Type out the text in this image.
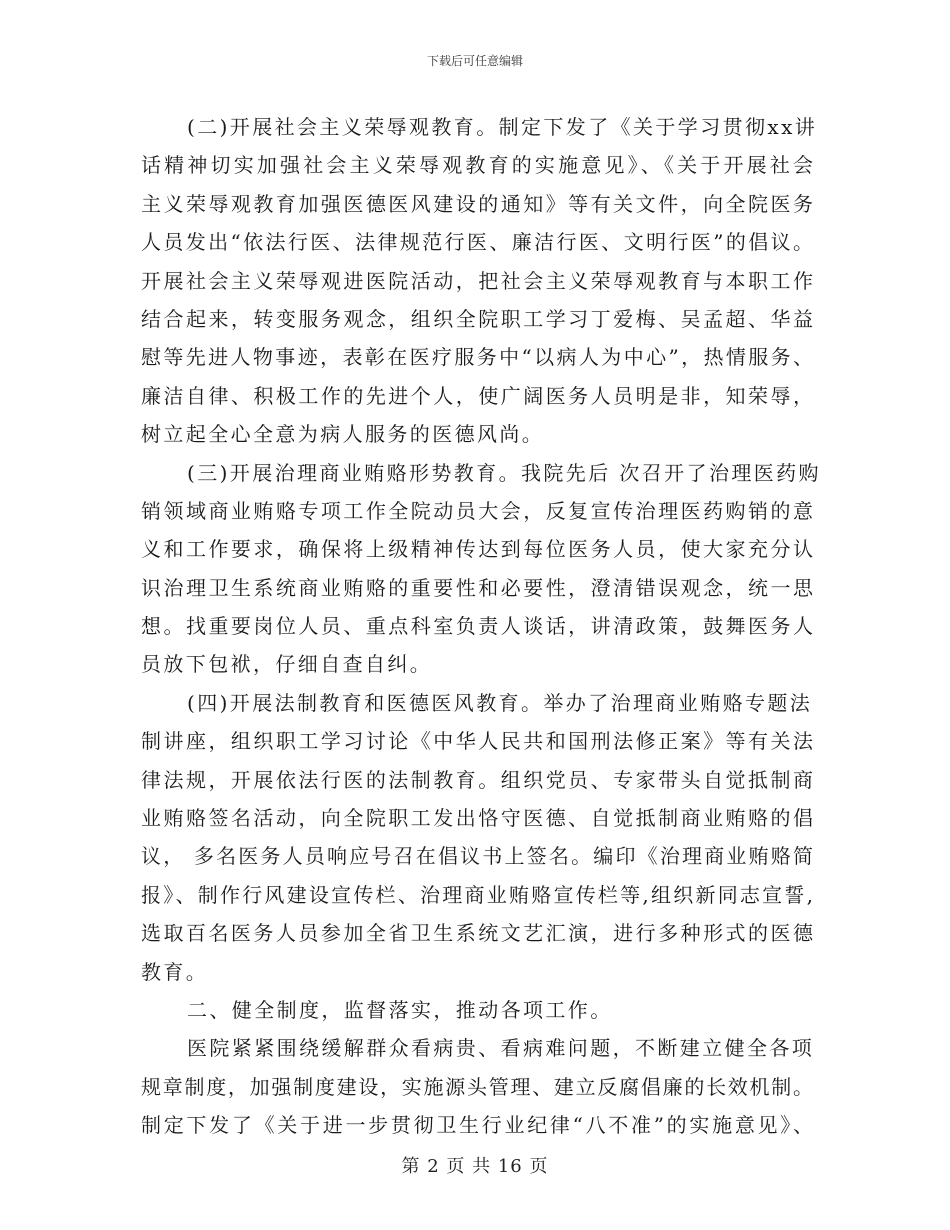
下载后可任意编辑
(二)开展社会主义荣辱观教育。制定下发了《关于学习贯彻xx讲
话精神切实加强社会主义荣辱观教育的实施意见》、《关于开展社会
主义荣辱观教育加强医德医风建设的通知》等有关文件，向全院医务
人员发出“依法行医、法律规范行医、廉洁行医、文明行医”的倡议。
开展社会主义荣辱观进医院活动，把社会主义荣辱观教育与本职工作
结合起来，转变服务观念，组织全院职工学习丁爱梅、吴孟超、华益
慰等先进人物事迹，表彰在医疗服务中“以病人为中心”，热情服务、
廉洁自律、积极工作的先进个人，使广阔医务人员明是非，知荣辱，
树立起全心全意为病人服务的医德风尚。
(三)开展治理商业贿赂形势教育。我院先后 次召开了治理医药购
销领域商业贿赂专项工作全院动员大会，反复宣传治理医药购销的意
义和工作要求，确保将上级精神传达到每位医务人员，使大家充分认
识治理卫生系统商业贿赂的重要性和必要性，澄清错误观念，统一思
想。找重要岗位人员、重点科室负责人谈话，讲清政策，鼓舞医务人
员放下包袱，仔细自查自纠。
(四)开展法制教育和医德医风教育。举办了治理商业贿赂专题法
制讲座，组织职工学习讨论《中华人民共和国刑法修正案》等有关法
律法规，开展依法行医的法制教育。组织党员、专家带头自觉抵制商
业贿赂签名活动，向全院职工发出恪守医德、自觉抵制商业贿赂的倡
议， 多名医务人员响应号召在倡议书上签名。编印《治理商业贿赂简
报》、制作行风建设宣传栏、治理商业贿赂宣传栏等,组织新同志宣誓,
选取百名医务人员参加全省卫生系统文艺汇演，进行多种形式的医德
教育。
二、健全制度，监督落实，推动各项工作。
医院紧紧围绕缓解群众看病贵、看病难问题，不断建立健全各项
规章制度，加强制度建设，实施源头管理、建立反腐倡廉的长效机制。
制定下发了《关于进一步贯彻卫生行业纪律“八不准”的实施意见》、
第 2 页 共 16 页
